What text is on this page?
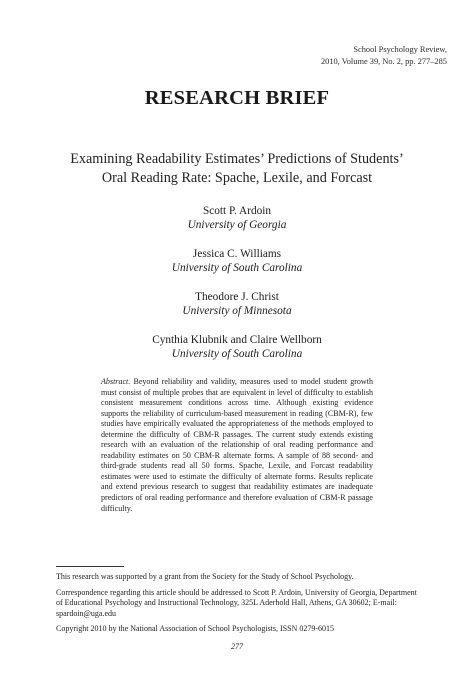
School Psychology Review,
2010, Volume 39, No. 2, pp. 277–285
RESEARCH BRIEF
Examining Readability Estimates’ Predictions of Students’
Oral Reading Rate: Spache, Lexile, and Forcast
Scott P. Ardoin
University of Georgia
Jessica C. Williams
University of South Carolina
Theodore J. Christ
University of Minnesota
Cynthia Klubnik and Claire Wellborn
University of South Carolina
Abstract. Beyond reliability and validity, measures used to model student growth must consist of multiple probes that are equivalent in level of difficulty to establish consistent measurement conditions across time. Although existing evidence supports the reliability of curriculum-based measurement in reading (CBM-R), few studies have empirically evaluated the appropriateness of the methods employed to determine the difficulty of CBM-R passages. The current study extends existing research with an evaluation of the relationship of oral reading performance and readability estimates on 50 CBM-R alternate forms. A sample of 88 second- and third-grade students read all 50 forms. Spache, Lexile, and Forcast readability estimates were used to estimate the difficulty of alternate forms. Results replicate and extend previous research to suggest that readability estimates are inadequate predictors of oral reading performance and therefore evaluation of CBM-R passage difficulty.

This research was supported by a grant from the Society for the Study of School Psychology.

Correspondence regarding this article should be addressed to Scott P. Ardoin, University of Georgia, Department of Educational Psychology and Instructional Technology, 325L Aderhold Hall, Athens, GA 30602; E-mail: spardoin@uga.edu

Copyright 2010 by the National Association of School Psychologists, ISSN 0279-6015

277
